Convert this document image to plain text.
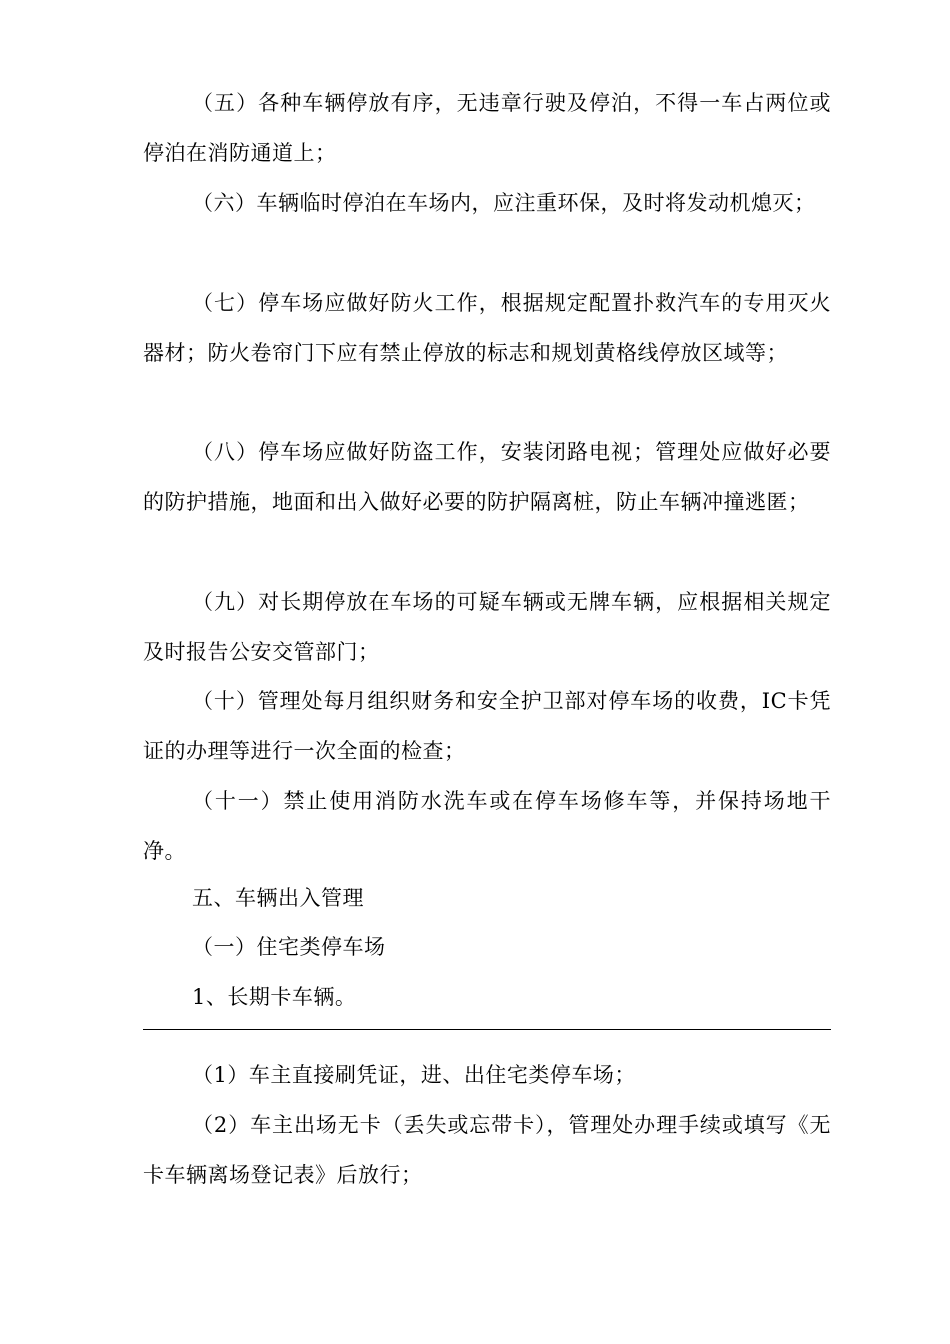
（五）各种车辆停放有序，无违章行驶及停泊，不得一车占两位或停泊在消防通道上；

（六）车辆临时停泊在车场内，应注重环保，及时将发动机熄灭；

（七）停车场应做好防火工作，根据规定配置扑救汽车的专用灭火器材；防火卷帘门下应有禁止停放的标志和规划黄格线停放区域等；

（八）停车场应做好防盗工作，安装闭路电视；管理处应做好必要的防护措施，地面和出入做好必要的防护隔离桩，防止车辆冲撞逃匿；

（九）对长期停放在车场的可疑车辆或无牌车辆，应根据相关规定及时报告公安交管部门；

（十）管理处每月组织财务和安全护卫部对停车场的收费，IC卡凭证的办理等进行一次全面的检查；

（十一）禁止使用消防水洗车或在停车场修车等，并保持场地干净。

五、车辆出入管理

（一）住宅类停车场

1、长期卡车辆。

（1）车主直接刷凭证，进、出住宅类停车场；

（2）车主出场无卡（丢失或忘带卡），管理处办理手续或填写《无卡车辆离场登记表》后放行；
